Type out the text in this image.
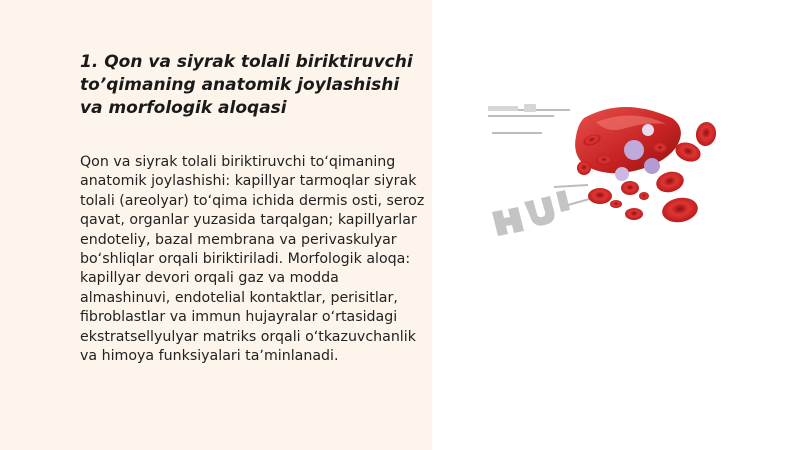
1. Qon va siyrak tolali biriktiruvchi to’qimaning anatomik joylashishi va morfologik aloqasi

Qon va siyrak tolali biriktiruvchi toʻqimaning anatomik joylashishi: kapillyar tarmoqlar siyrak tolali (areolyar) toʻqima ichida dermis osti, seroz qavat, organlar yuzasida tarqalgan; kapillyarlar endoteliy, bazal membrana va perivaskulyar boʻshliqlar orqali biriktiriladi. Morfologik aloqa: kapillyar devori orqali gaz va modda almashinuvi, endotelial kontaktlar, perisitlar, fibroblastlar va immun hujayralar oʻrtasidagi ekstratsellyulyar matriks orqali oʻtkazuvchanlik va himoya funksiyalari taʼminlanadi.
